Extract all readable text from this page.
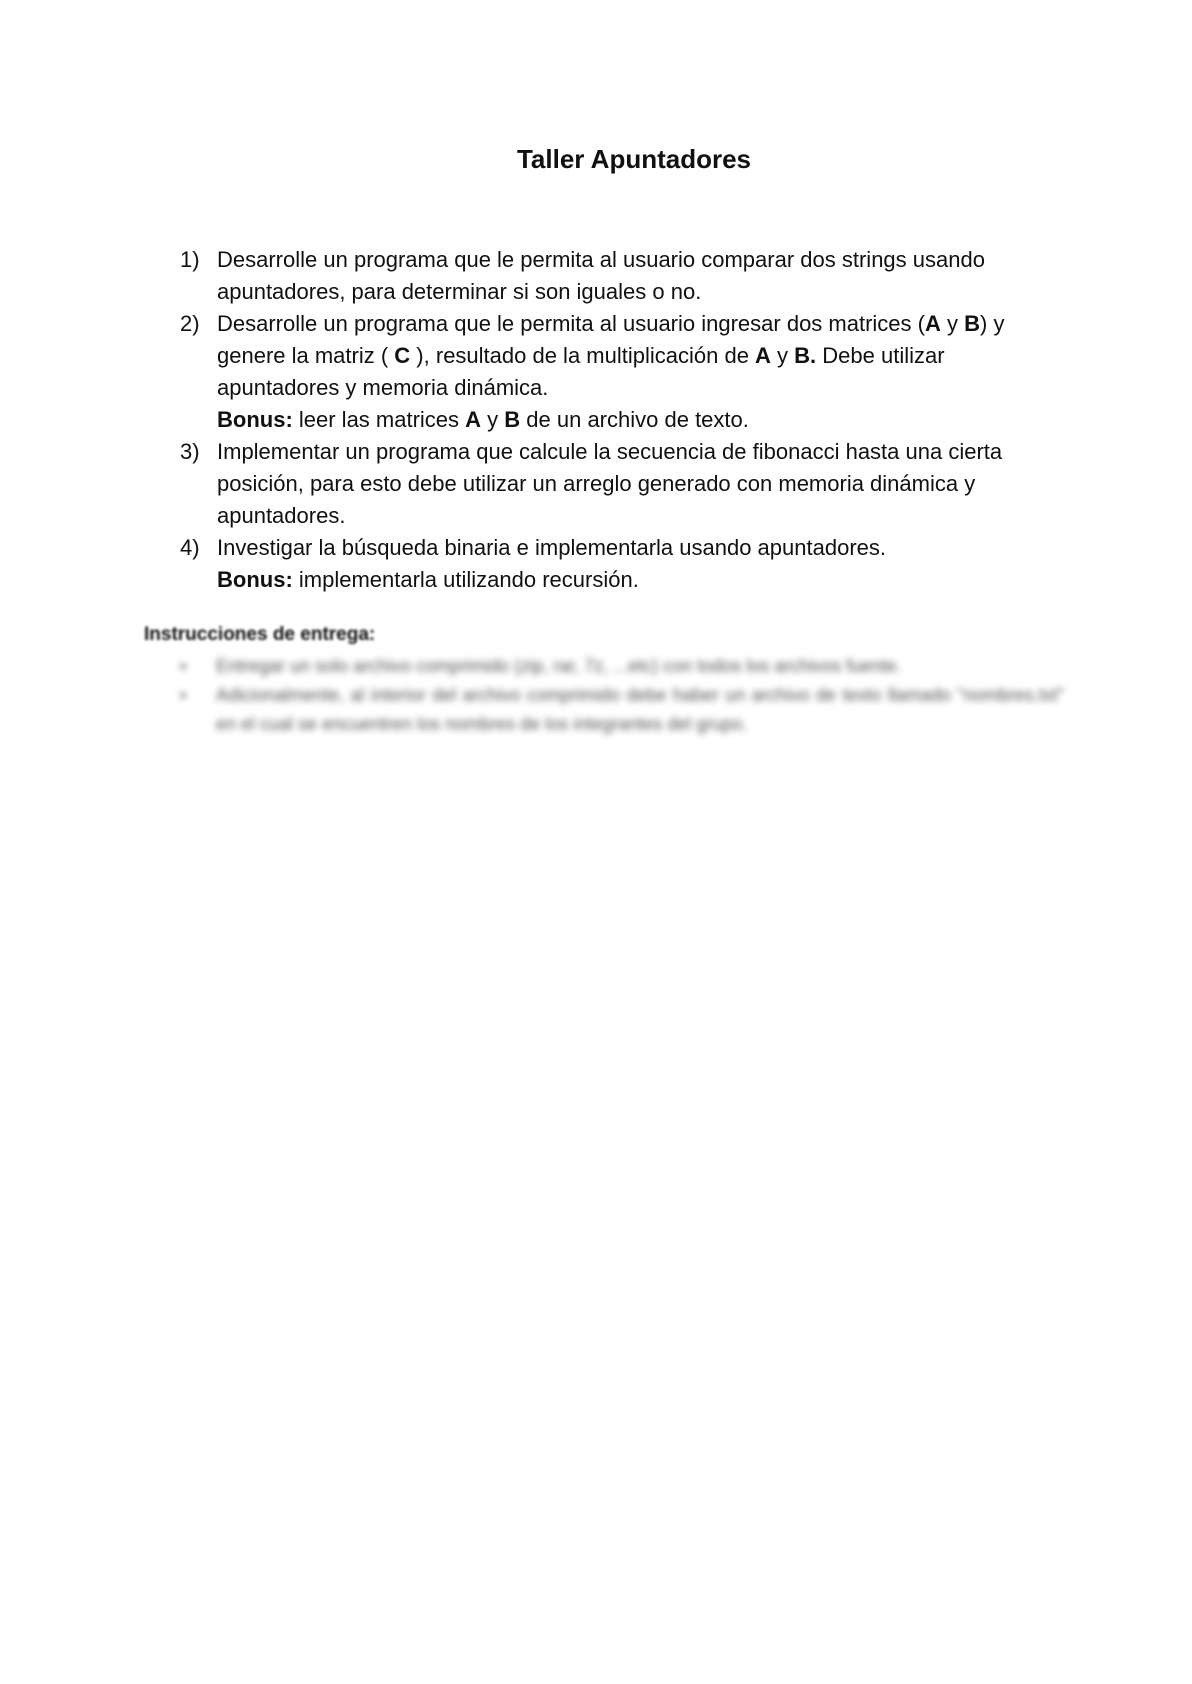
Taller Apuntadores
1) Desarrolle un programa que le permita al usuario comparar dos strings usando apuntadores, para determinar si son iguales o no.
2) Desarrolle un programa que le permita al usuario ingresar dos matrices (A y B) y genere la matriz ( C ), resultado de la multiplicación de A y B. Debe utilizar apuntadores y memoria dinámica.
Bonus: leer las matrices A y B de un archivo de texto.
3) Implementar un programa que calcule la secuencia de fibonacci hasta una cierta posición, para esto debe utilizar un arreglo generado con memoria dinámica y apuntadores.
4) Investigar la búsqueda binaria e implementarla usando apuntadores.
Bonus: implementarla utilizando recursión.

Instrucciones de entrega:

▪ Entregar un solo archivo comprimido (zip, rar, 7z, ...etc) con todos los archivos fuente.
▪ Adicionalmente, al interior del archivo comprimido debe haber un archivo de texto llamado "nombres.txt" en el cual se encuentren los nombres de los integrantes del grupo.
